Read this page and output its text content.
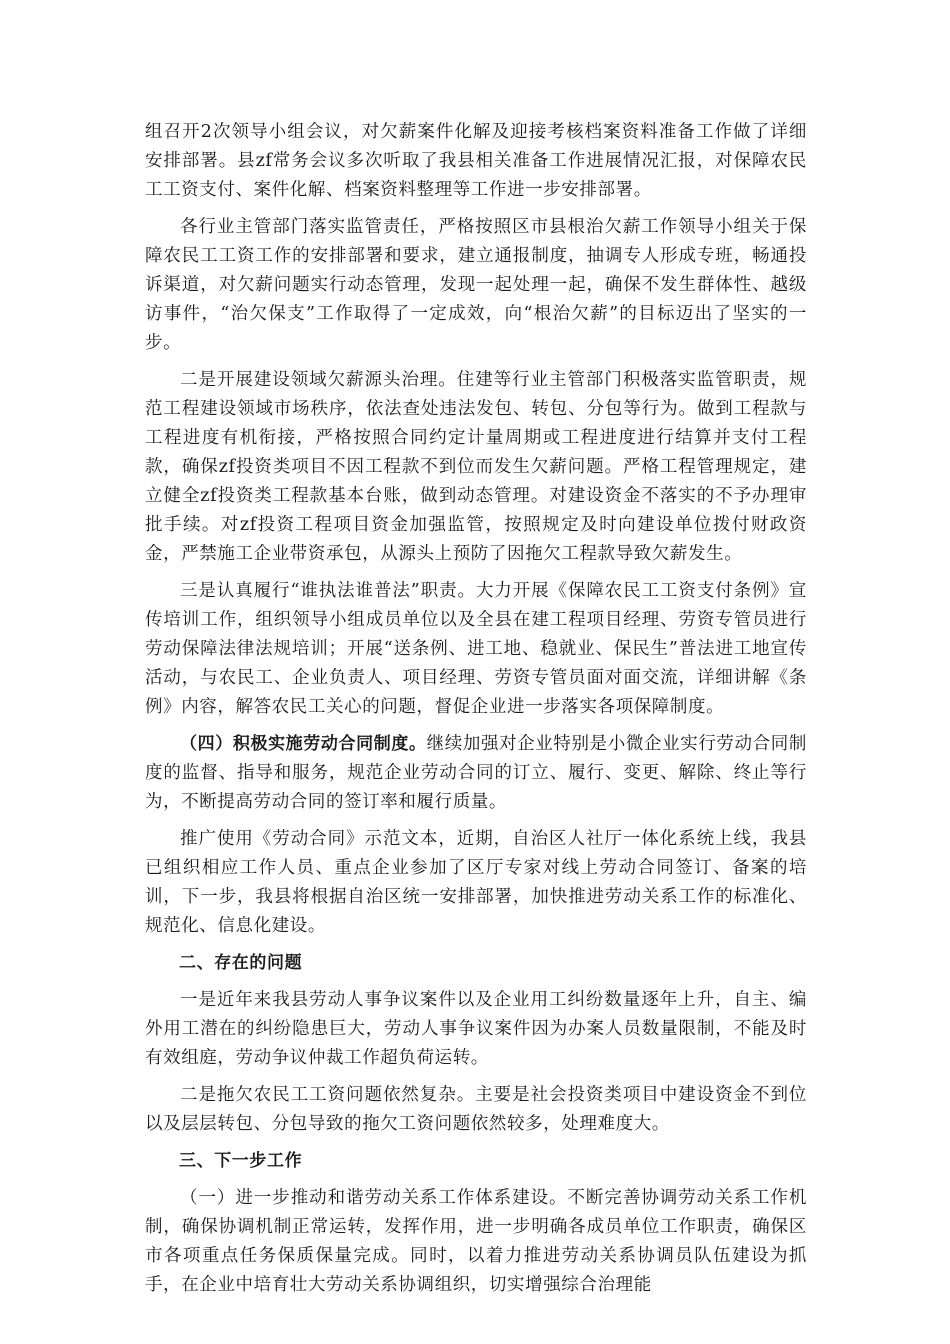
组召开2次领导小组会议，对欠薪案件化解及迎接考核档案资料准备工作做了详细安排部署。县zf常务会议多次听取了我县相关准备工作进展情况汇报，对保障农民工工资支付、案件化解、档案资料整理等工作进一步安排部署。

各行业主管部门落实监管责任，严格按照区市县根治欠薪工作领导小组关于保障农民工工资工作的安排部署和要求，建立通报制度，抽调专人形成专班，畅通投诉渠道，对欠薪问题实行动态管理，发现一起处理一起，确保不发生群体性、越级访事件，“治欠保支”工作取得了一定成效，向“根治欠薪”的目标迈出了坚实的一步。

二是开展建设领域欠薪源头治理。住建等行业主管部门积极落实监管职责，规范工程建设领域市场秩序，依法查处违法发包、转包、分包等行为。做到工程款与工程进度有机衔接，严格按照合同约定计量周期或工程进度进行结算并支付工程款，确保zf投资类项目不因工程款不到位而发生欠薪问题。严格工程管理规定，建立健全zf投资类工程款基本台账，做到动态管理。对建设资金不落实的不予办理审批手续。对zf投资工程项目资金加强监管，按照规定及时向建设单位拨付财政资金，严禁施工企业带资承包，从源头上预防了因拖欠工程款导致欠薪发生。

三是认真履行“谁执法谁普法”职责。大力开展《保障农民工工资支付条例》宣传培训工作，组织领导小组成员单位以及全县在建工程项目经理、劳资专管员进行劳动保障法律法规培训；开展“送条例、进工地、稳就业、保民生”普法进工地宣传活动，与农民工、企业负责人、项目经理、劳资专管员面对面交流，详细讲解《条例》内容，解答农民工关心的问题，督促企业进一步落实各项保障制度。

（四）积极实施劳动合同制度。继续加强对企业特别是小微企业实行劳动合同制度的监督、指导和服务，规范企业劳动合同的订立、履行、变更、解除、终止等行为，不断提高劳动合同的签订率和履行质量。

推广使用《劳动合同》示范文本，近期，自治区人社厅一体化系统上线，我县已组织相应工作人员、重点企业参加了区厅专家对线上劳动合同签订、备案的培训，下一步，我县将根据自治区统一安排部署，加快推进劳动关系工作的标准化、规范化、信息化建设。

二、存在的问题

一是近年来我县劳动人事争议案件以及企业用工纠纷数量逐年上升，自主、编外用工潜在的纠纷隐患巨大，劳动人事争议案件因为办案人员数量限制，不能及时有效组庭，劳动争议仲裁工作超负荷运转。

二是拖欠农民工工资问题依然复杂。主要是社会投资类项目中建设资金不到位以及层层转包、分包导致的拖欠工资问题依然较多，处理难度大。

三、下一步工作

（一）进一步推动和谐劳动关系工作体系建设。不断完善协调劳动关系工作机制，确保协调机制正常运转，发挥作用，进一步明确各成员单位工作职责，确保区市各项重点任务保质保量完成。同时，以着力推进劳动关系协调员队伍建设为抓手，在企业中培育壮大劳动关系协调组织，切实增强综合治理能
